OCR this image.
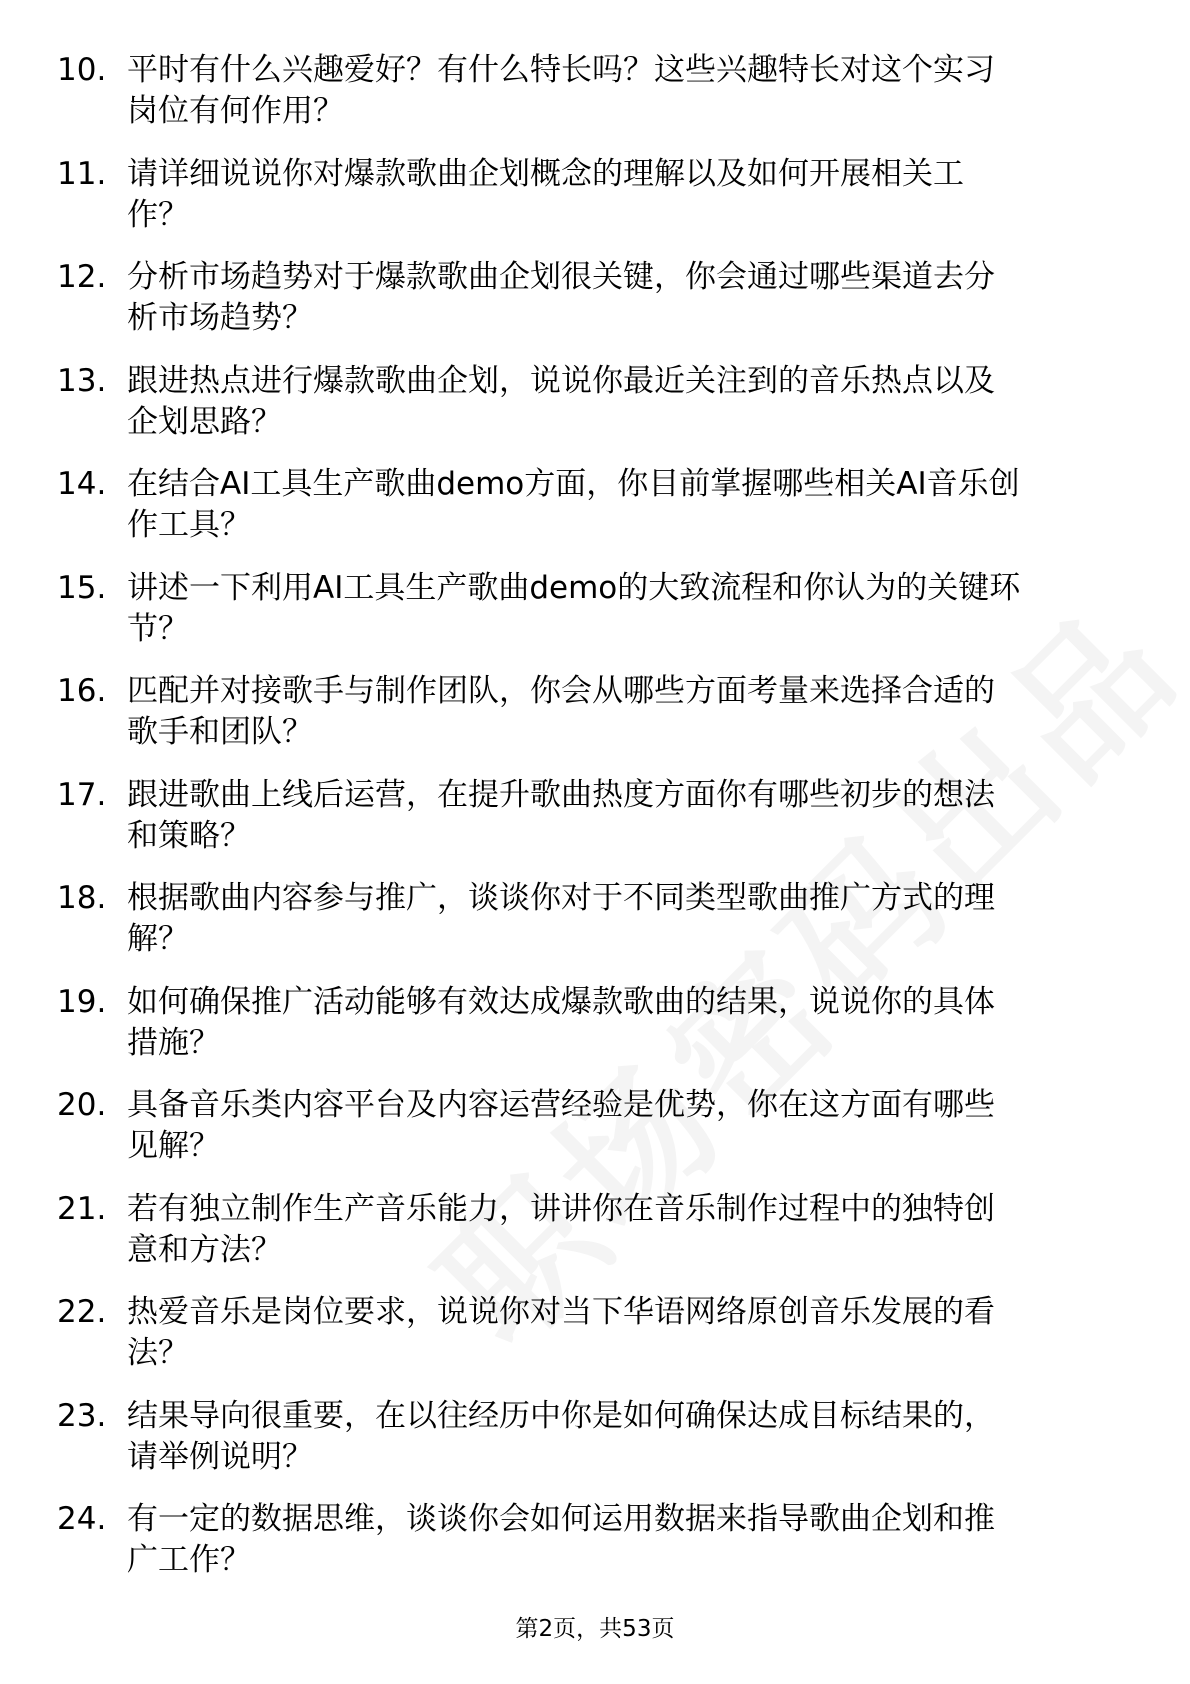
10. 平时有什么兴趣爱好？有什么特长吗？这些兴趣特长对这个实习
岗位有何作用？
11. 请详细说说你对爆款歌曲企划概念的理解以及如何开展相关工
作？
12. 分析市场趋势对于爆款歌曲企划很关键，你会通过哪些渠道去分
析市场趋势？
13. 跟进热点进行爆款歌曲企划，说说你最近关注到的音乐热点以及
企划思路？
14. 在结合AI工具生产歌曲demo方面，你目前掌握哪些相关AI音乐创
作工具？
15. 讲述一下利用AI工具生产歌曲demo的大致流程和你认为的关键环
节？
16. 匹配并对接歌手与制作团队，你会从哪些方面考量来选择合适的
歌手和团队？
17. 跟进歌曲上线后运营，在提升歌曲热度方面你有哪些初步的想法
和策略？
18. 根据歌曲内容参与推广，谈谈你对于不同类型歌曲推广方式的理
解？
19. 如何确保推广活动能够有效达成爆款歌曲的结果，说说你的具体
措施？
20. 具备音乐类内容平台及内容运营经验是优势，你在这方面有哪些
见解？
21. 若有独立制作生产音乐能力，讲讲你在音乐制作过程中的独特创
意和方法？
22. 热爱音乐是岗位要求，说说你对当下华语网络原创音乐发展的看
法？
23. 结果导向很重要，在以往经历中你是如何确保达成目标结果的，
请举例说明？
24. 有一定的数据思维，谈谈你会如何运用数据来指导歌曲企划和推
广工作？
第2页，共53页
